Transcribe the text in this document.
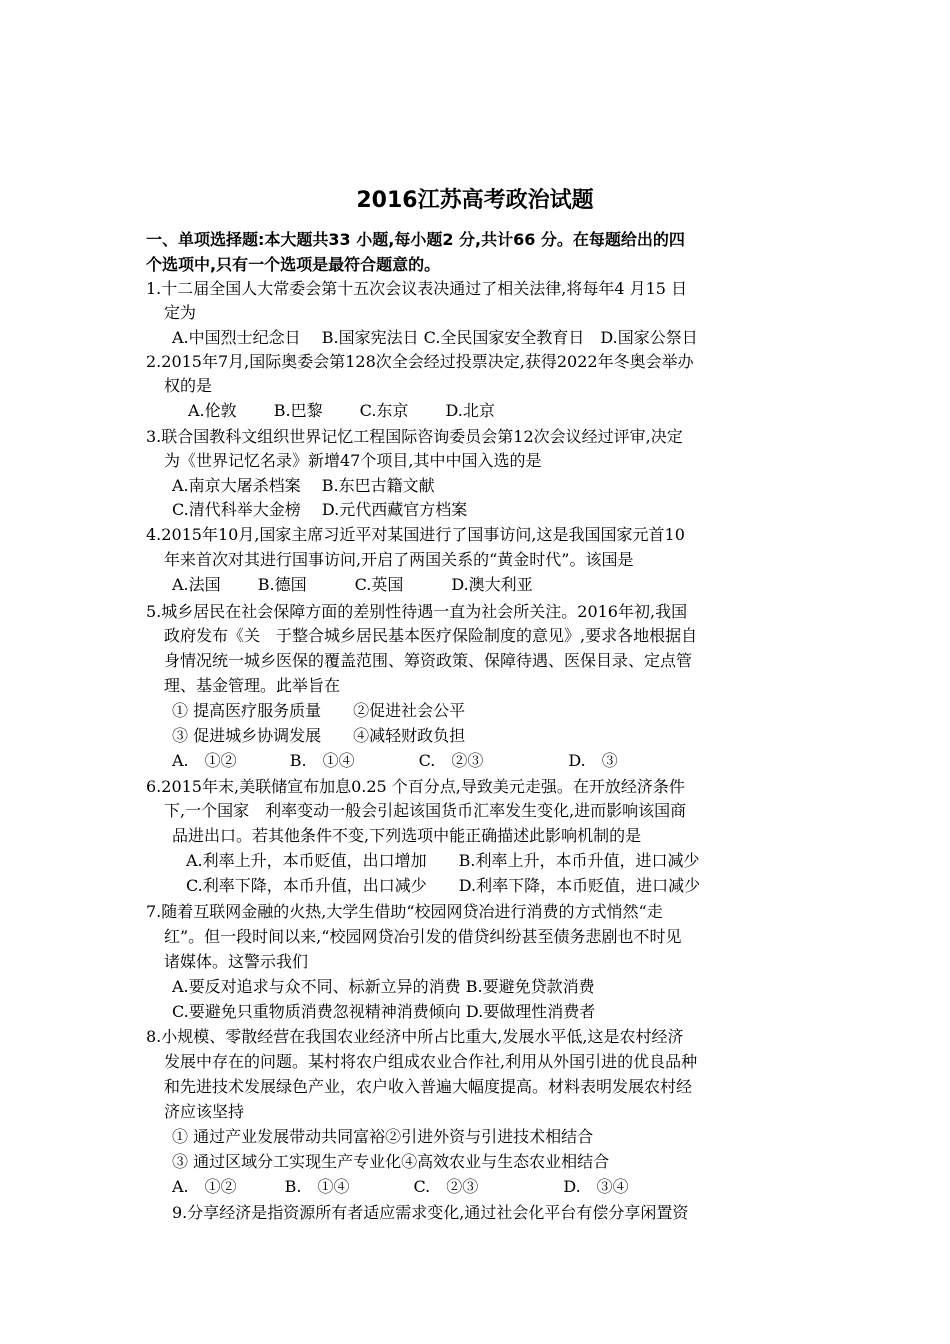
2016江苏高考政治试题
一、单项选择题:本大题共33 小题,每小题2 分,共计66 分。在每题给出的四
个选项中,只有一个选项是最符合题意的。
1.十二届全国人大常委会第十五次会议表决通过了相关法律,将每年4 月15 日
定为
A.中国烈士纪念日　 B.国家宪法日 C.全民国家安全教育日　D.国家公祭日
2.2015年7月,国际奥委会第128次全会经过投票决定,获得2022年冬奥会举办
权的是
A.伦敦　　 B.巴黎　　 C.东京　　 D.北京
3.联合国教科文组织世界记忆工程国际咨询委员会第12次会议经过评审,决定
为《世界记忆名录》新增47个项目,其中中国入选的是
A.南京大屠杀档案　 B.东巴古籍文献
C.清代科举大金榜　 D.元代西藏官方档案
4.2015年10月,国家主席习近平对某国进行了国事访问,这是我国国家元首10
年来首次对其进行国事访问,开启了两国关系的“黄金时代”。该国是
A.法国　　 B.德国　　　C.英国　　　D.澳大利亚
5.城乡居民在社会保障方面的差别性待遇一直为社会所关注。2016年初,我国
政府发布《关　于整合城乡居民基本医疗保险制度的意见》,要求各地根据自
身情况统一城乡医保的覆盖范围、筹资政策、保障待遇、医保目录、定点管
理、基金管理。此举旨在
① 提高医疗服务质量　　②促进社会公平
③ 促进城乡协调发展　　④减轻财政负担
A.　①②　　　 B.　①④　　　　C.　②③　　　　　 D.　③
6.2015年末,美联储宣布加息0.25 个百分点,导致美元走强。在开放经济条件
下,一个国家　利率变动一般会引起该国货币汇率发生变化,进而影响该国商
品进出口。若其他条件不变,下列选项中能正确描述此影响机制的是
A.利率上升，本币贬值，出口增加　　B.利率上升，本币升值，进口减少
C.利率下降，本币升值，出口减少　　D.利率下降，本币贬值，进口减少
7.随着互联网金融的火热,大学生借助“校园网贷冶进行消费的方式悄然“走
红”。但一段时间以来,“校园网贷冶引发的借贷纠纷甚至债务悲剧也不时见
诸媒体。这警示我们
A.要反对追求与众不同、标新立异的消费 B.要避免贷款消费
C.要避免只重物质消费忽视精神消费倾向 D.要做理性消费者
8.小规模、零散经营在我国农业经济中所占比重大,发展水平低,这是农村经济
发展中存在的问题。某村将农户组成农业合作社,利用从外国引进的优良品种
和先进技术发展绿色产业，农户收入普遍大幅度提高。材料表明发展农村经
济应该坚持
① 通过产业发展带动共同富裕②引进外资与引进技术相结合
③ 通过区域分工实现生产专业化④高效农业与生态农业相结合
A.　①②　　　B.　①④　　　　C.　②③　　　　　 D.　③④
9.分享经济是指资源所有者适应需求变化,通过社会化平台有偿分享闲置资
